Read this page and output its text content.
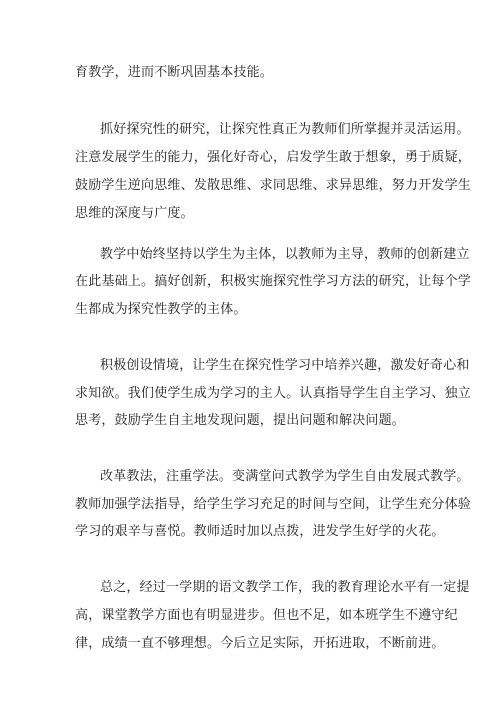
育教学，进而不断巩固基本技能。
抓好探究性的研究，让探究性真正为教师们所掌握并灵活运用。
注意发展学生的能力，强化好奇心，启发学生敢于想象，勇于质疑，
鼓励学生逆向思维、发散思维、求同思维、求异思维，努力开发学生
思维的深度与广度。
教学中始终坚持以学生为主体，以教师为主导，教师的创新建立
在此基础上。搞好创新，积极实施探究性学习方法的研究，让每个学
生都成为探究性教学的主体。
积极创设情境，让学生在探究性学习中培养兴趣，激发好奇心和
求知欲。我们使学生成为学习的主人。认真指导学生自主学习、独立
思考，鼓励学生自主地发现问题，提出问题和解决问题。
改革教法，注重学法。变满堂问式教学为学生自由发展式教学。
教师加强学法指导，给学生学习充足的时间与空间，让学生充分体验
学习的艰辛与喜悦。教师适时加以点拨，进发学生好学的火花。
总之，经过一学期的语文教学工作，我的教育理论水平有一定提
高，课堂教学方面也有明显进步。但也不足，如本班学生不遵守纪
律，成绩一直不够理想。今后立足实际，开拓进取，不断前进。
